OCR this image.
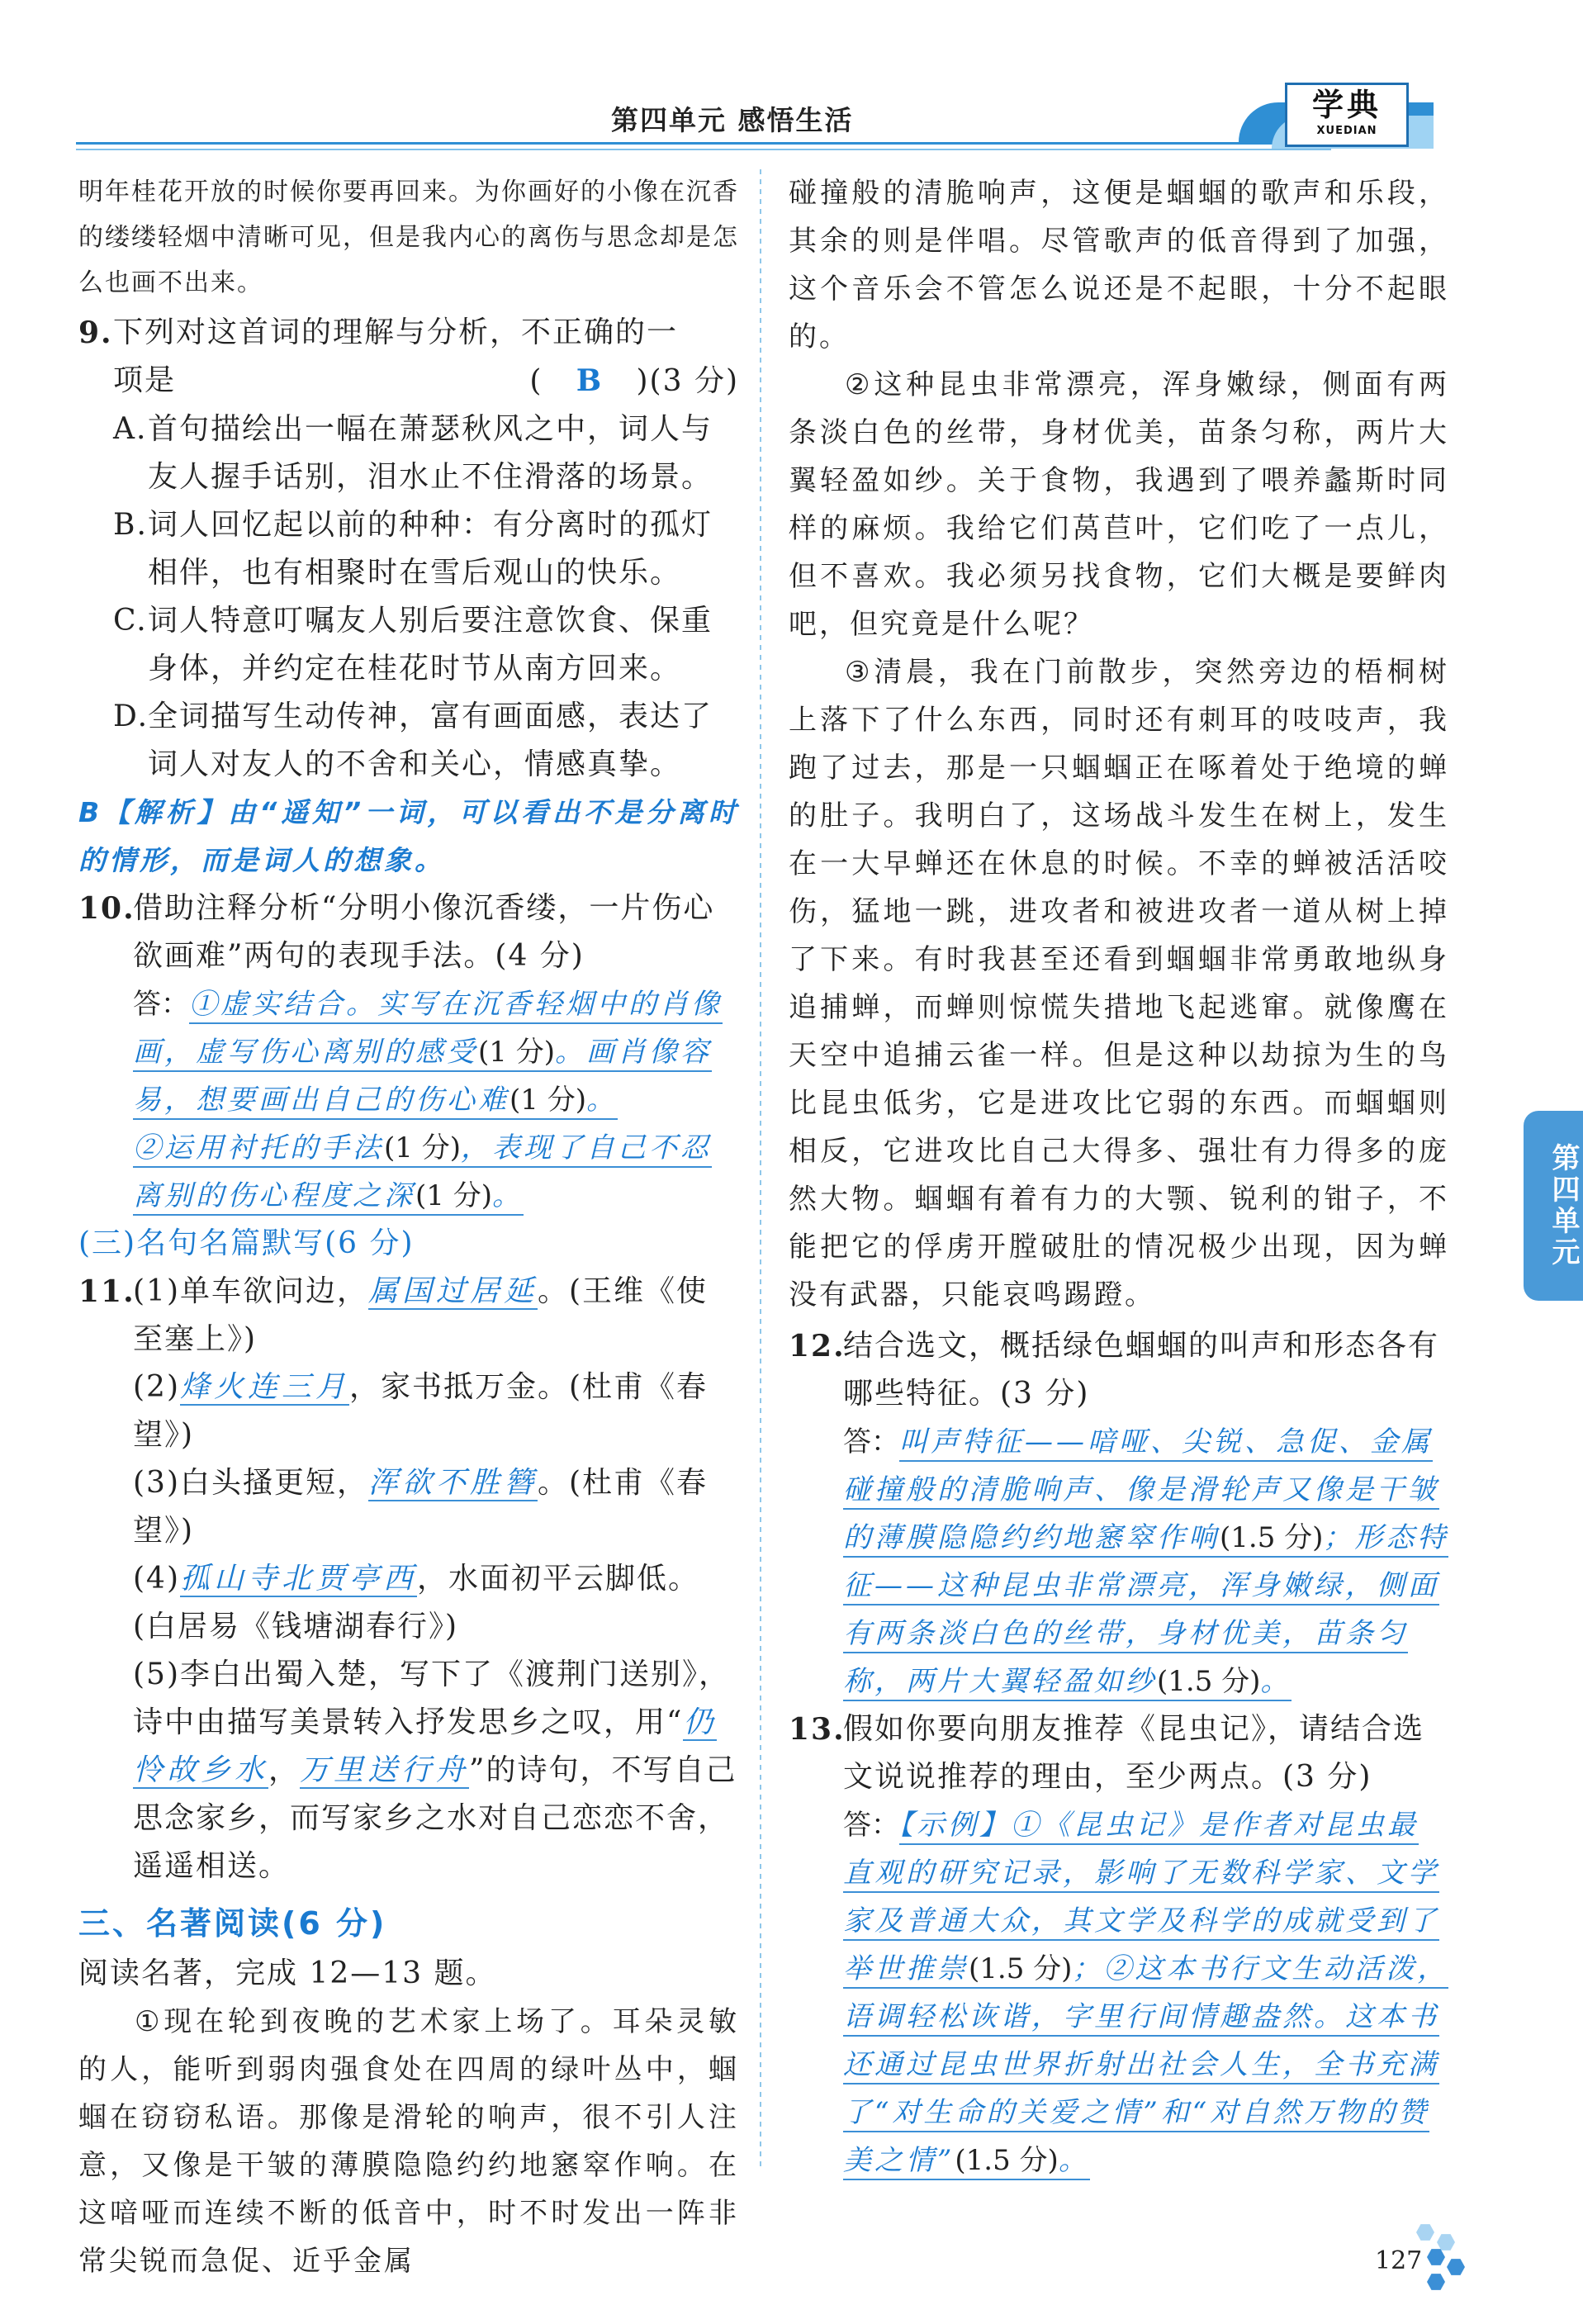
第四单元 感悟生活	学典
XUEDIAN

明年桂花开放的时候你要再回来。为你画好的小像在沉香的缕缕轻烟中清晰可见，但是我内心的离伤与思念却是怎么也画不出来。

9. 下列对这首词的理解与分析，不正确的一
项是	( B )(3 分)
A. 首句描绘出一幅在萧瑟秋风之中，词人与友人握手话别，泪水止不住滑落的场景。
B. 词人回忆起以前的种种：有分离时的孤灯相伴，也有相聚时在雪后观山的快乐。
C. 词人特意叮嘱友人别后要注意饮食、保重身体，并约定在桂花时节从南方回来。
D.
全词描写生动传神，富有画面感，表达了词人对友人的不舍和关心，情感真挚。

B【解析】由“遥知”一词，可以看出不是分离时的情形，而是词人的想象。

10.
借助注释分析“分明小像沉香缕，一片伤心欲画难”两句的表现手法。(4 分)
答：①虚实结合。实写在沉香轻烟中的肖像画，虚写伤心离别的感受(1 分)。画肖像容易，想要画出自己的伤心难(1 分)。
②运用衬托的手法(1 分)，表现了自己不忍离别的伤心程度之深(1 分)。
(三)名句名篇默写(6 分)
11.
(1)单车欲问边，属国过居延。(王维《使至塞上》)
(2)烽火连三月，家书抵万金。(杜甫《春望》)
(3)白头搔更短，浑欲不胜簪。(杜甫《春望》)
(4)孤山寺北贾亭西，水面初平云脚低。(白居易《钱塘湖春行》)
(5)李白出蜀入楚，写下了《渡荆门送别》，诗中由描写美景转入抒发思乡之叹，用“仍怜故乡水，万里送行舟”的诗句，不写自己思念家乡，而写家乡之水对自己恋恋不舍，遥遥相送。
三、名著阅读(6 分)
阅读名著，完成 12—13 题。

①现在轮到夜晚的艺术家上场了。耳朵灵敏的人，能听到弱肉强食处在四周的绿叶丛中，蝈蝈在窃窃私语。那像是滑轮的响声，很不引人注意，又像是干皱的薄膜隐隐约约地窸窣作响。在这喑哑而连续不断的低音中，时不时发出一阵非常尖锐而急促、近乎金属

碰撞般的清脆响声，这便是蝈蝈的歌声和乐段，其余的则是伴唱。尽管歌声的低音得到了加强，这个音乐会不管怎么说还是不起眼，十分不起眼的。

②这种昆虫非常漂亮，浑身嫩绿，侧面有两条淡白色的丝带，身材优美，苗条匀称，两片大翼轻盈如纱。关于食物，我遇到了喂养蠡斯时同样的麻烦。我给它们莴苣叶，它们吃了一点儿，但不喜欢。我必须另找食物，它们大概是要鲜肉吧，但究竟是什么呢？

③清晨，我在门前散步，突然旁边的梧桐树上落下了什么东西，同时还有刺耳的吱吱声，我跑了过去，那是一只蝈蝈正在啄着处于绝境的蝉的肚子。我明白了，这场战斗发生在树上，发生在一大早蝉还在休息的时候。不幸的蝉被活活咬伤，猛地一跳，进攻者和被进攻者一道从树上掉了下来。有时我甚至还看到蝈蝈非常勇敢地纵身追捕蝉，而蝉则惊慌失措地飞起逃窜。就像鹰在天空中追捕云雀一样。但是这种以劫掠为生的鸟比昆虫低劣，它是进攻比它弱的东西。而蝈蝈则相反，它进攻比自己大得多、强壮有力得多的庞然大物。蝈蝈有着有力的大颚、锐利的钳子，不能把它的俘虏开膛破肚的情况极少出现，因为蝉没有武器，只能哀鸣踢蹬。

12.
结合选文，概括绿色蝈蝈的叫声和形态各有哪些特征。(3 分)
答：叫声特征——喑哑、尖锐、急促、金属碰撞般的清脆响声、像是滑轮声又像是干皱的薄膜隐隐约约地窸窣作响(1.5 分)；形态特征——这种昆虫非常漂亮，浑身嫩绿，侧面有两条淡白色的丝带，身材优美，苗条匀称，两片大翼轻盈如纱(1.5 分)。
13.
假如你要向朋友推荐《昆虫记》，请结合选文说说推荐的理由，至少两点。(3 分)
答：【示例】①《昆虫记》是作者对昆虫最直观的研究记录，影响了无数科学家、文学家及普通大众，其文学及科学的成就受到了举世推崇(1.5 分)；②这本书行文生动活泼，语调轻松诙谐，字里行间情趣盎然。这本书还通过昆虫世界折射出社会人生，全书充满了“对生命的关爱之情”和“对自然万物的赞美之情”(1.5 分)。
第四单元
127
